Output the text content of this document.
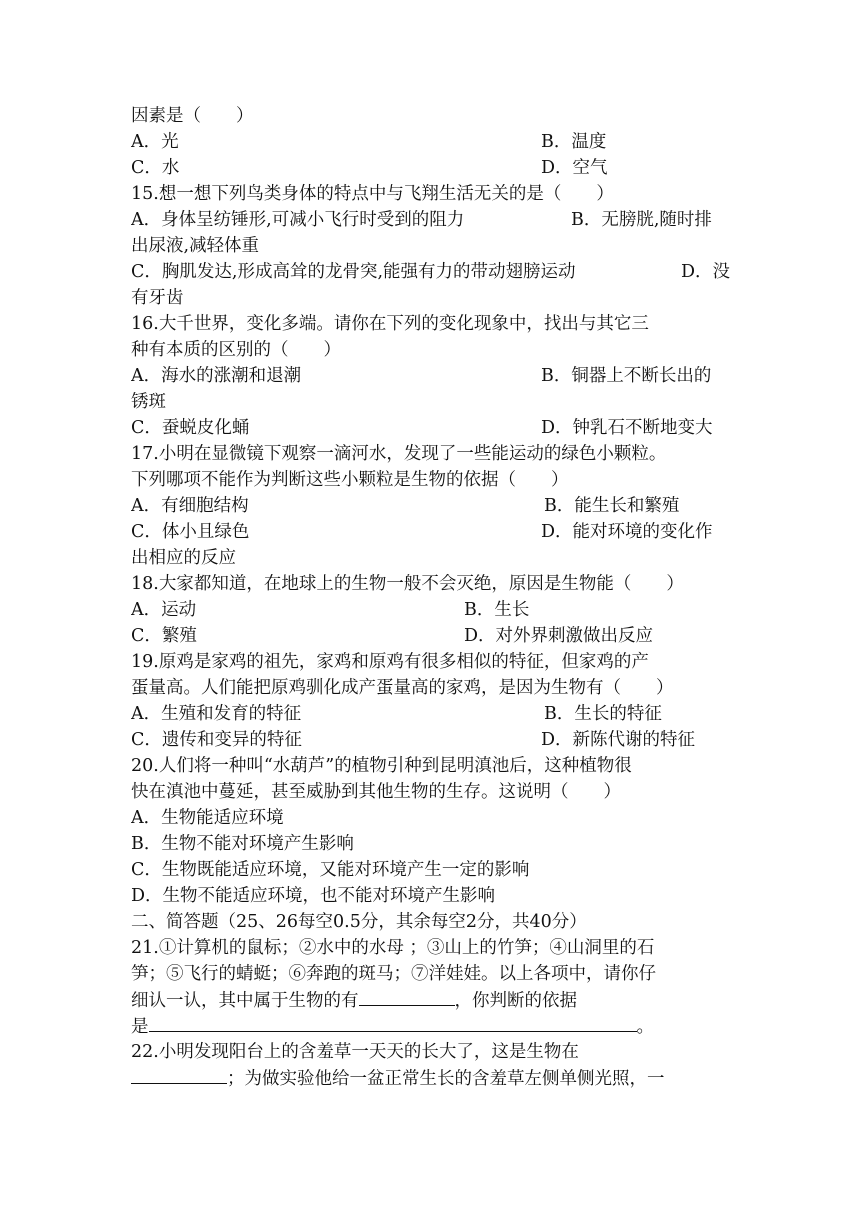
因素是（　　）
A．光	B．温度
C．水	D．空气
15.想一想下列鸟类身体的特点中与飞翔生活无关的是（　　）
A．身体呈纺锤形,可减小飞行时受到的阻力	B．无膀胱,随时排
出尿液,减轻体重
C．胸肌发达,形成高耸的龙骨突,能强有力的带动翅膀运动	D．没
有牙齿
16.大千世界，变化多端。请你在下列的变化现象中，找出与其它三
种有本质的区别的（　　）
A．海水的涨潮和退潮	B．铜器上不断长出的
锈斑
C．蚕蜕皮化蛹	D．钟乳石不断地变大
17.小明在显微镜下观察一滴河水，发现了一些能运动的绿色小颗粒。
下列哪项不能作为判断这些小颗粒是生物的依据（　　）
A．有细胞结构	B．能生长和繁殖
C．体小且绿色	D．能对环境的变化作
出相应的反应
18.大家都知道，在地球上的生物一般不会灭绝，原因是生物能（　　）
A．运动	B．生长
C．繁殖	D．对外界刺激做出反应
19.原鸡是家鸡的祖先，家鸡和原鸡有很多相似的特征，但家鸡的产
蛋量高。人们能把原鸡驯化成产蛋量高的家鸡，是因为生物有（　　）
A．生殖和发育的特征	B．生长的特征
C．遗传和变异的特征	D．新陈代谢的特征
20.人们将一种叫“水葫芦”的植物引种到昆明滇池后，这种植物很
快在滇池中蔓延，甚至威胁到其他生物的生存。这说明（　　）
A．生物能适应环境
B．生物不能对环境产生影响
C．生物既能适应环境，又能对环境产生一定的影响
D．生物不能适应环境，也不能对环境产生影响
二、简答题（25、26每空0.5分，其余每空2分，共40分）
21.①计算机的鼠标；②水中的水母 ；③山上的竹笋；④山洞里的石
笋；⑤飞行的蜻蜓；⑥奔跑的斑马；⑦洋娃娃。以上各项中，请你仔
细认一认，其中属于生物的有	，你判断的依据
是	。
22.小明发现阳台上的含羞草一天天的长大了，这是生物在
；为做实验他给一盆正常生长的含羞草左侧单侧光照，一
